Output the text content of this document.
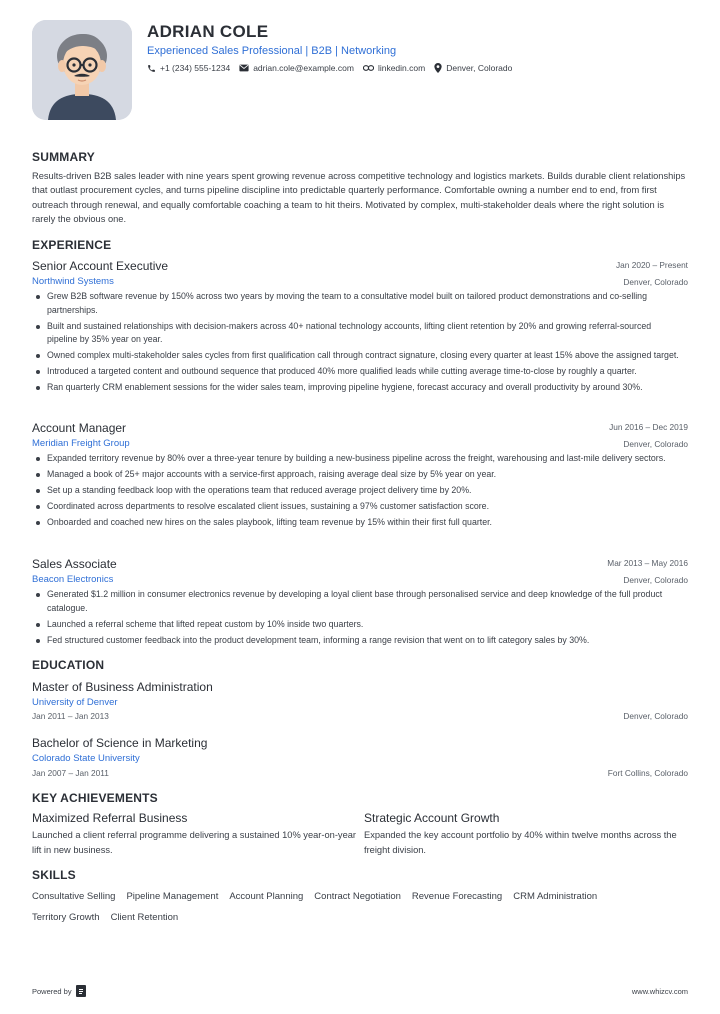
ADRIAN COLE
Experienced Sales Professional | B2B | Networking
+1 (234) 555-1234	adrian.cole@example.com	linkedin.com Denver, Colorado
SUMMARY
Results-driven B2B sales leader with nine years spent growing revenue across competitive technology and logistics markets. Builds durable client relationships that outlast procurement cycles, and turns pipeline discipline into predictable quarterly performance. Comfortable owning a number end to end, from first outreach through renewal, and equally comfortable coaching a team to hit theirs. Motivated by complex, multi-stakeholder deals where the right solution is rarely the obvious one.
EXPERIENCE
Senior Account Executive	Jan 2020 – Present
Northwind Systems	Denver, Colorado
Grew B2B software revenue by 150% across two years by moving the team to a consultative model built on tailored product demonstrations and co-selling partnerships.
Built and sustained relationships with decision-makers across 40+ national technology accounts, lifting client retention by 20% and growing referral-sourced pipeline by 35% year on year.
Owned complex multi-stakeholder sales cycles from first qualification call through contract signature, closing every quarter at least 15% above the assigned target.
Introduced a targeted content and outbound sequence that produced 40% more qualified leads while cutting average time-to-close by roughly a quarter.
Ran quarterly CRM enablement sessions for the wider sales team, improving pipeline hygiene, forecast accuracy and overall productivity by around 30%.
Account Manager	Jun 2016 – Dec 2019
Meridian Freight Group	Denver, Colorado
Expanded territory revenue by 80% over a three-year tenure by building a new-business pipeline across the freight, warehousing and last-mile delivery sectors.
Managed a book of 25+ major accounts with a service-first approach, raising average deal size by 5% year on year.
Set up a standing feedback loop with the operations team that reduced average project delivery time by 20%.
Coordinated across departments to resolve escalated client issues, sustaining a 97% customer satisfaction score.
Onboarded and coached new hires on the sales playbook, lifting team revenue by 15% within their first full quarter.
Sales Associate	Mar 2013 – May 2016
Beacon Electronics	Denver, Colorado
Generated $1.2 million in consumer electronics revenue by developing a loyal client base through personalised service and deep knowledge of the full product catalogue.
Launched a referral scheme that lifted repeat custom by 10% inside two quarters.
Fed structured customer feedback into the product development team, informing a range revision that went on to lift category sales by 30%.
EDUCATION
Master of Business Administration
University of Denver
Jan 2011 – Jan 2013	Denver, Colorado
Bachelor of Science in Marketing
Colorado State University
Jan 2007 – Jan 2011	Fort Collins, Colorado
KEY ACHIEVEMENTS
Maximized Referral Business
Launched a client referral programme delivering a sustained 10% year-on-year lift in new business.
Strategic Account Growth
Expanded the key account portfolio by 40% within twelve months across the freight division.
SKILLS
Consultative Selling Pipeline Management Account Planning Contract Negotiation Revenue Forecasting CRM Administration
Territory Growth Client Retention
Powered by	www.whizcv.com
